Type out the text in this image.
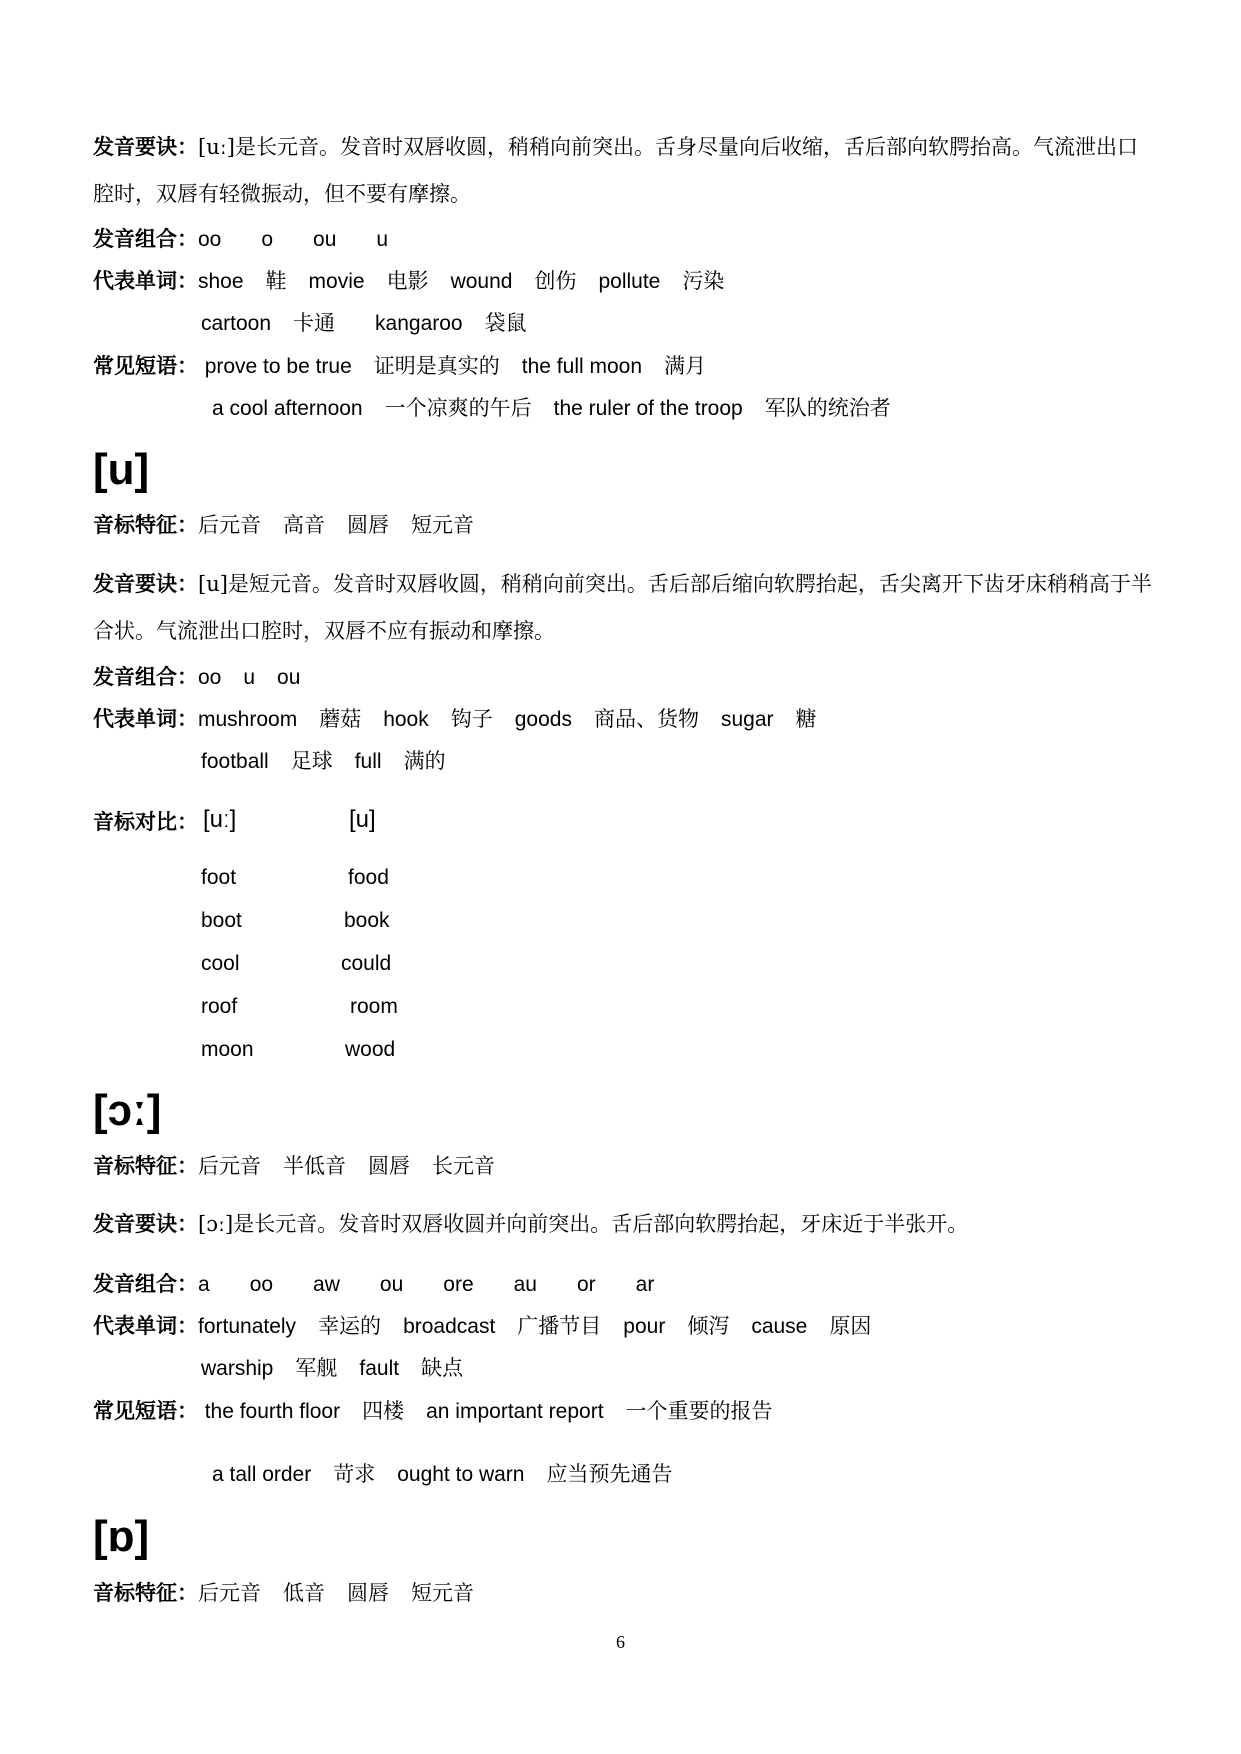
发音要诀：[uː]是长元音。发音时双唇收圆，稍稍向前突出。舌身尽量向后收缩，舌后部向软腭抬高。气流泄出口
腔时，双唇有轻微振动，但不要有摩擦。
发音组合：oo o ou u
代表单词：shoe 鞋 movie 电影 wound 创伤 pollute 污染
cartoon 卡通 kangaroo 袋鼠
常见短语： prove to be true 证明是真实的 the full moon 满月
a cool afternoon 一个凉爽的午后 the ruler of the troop 军队的统治者
[u]
音标特征：后元音 高音 圆唇 短元音
发音要诀：[u]是短元音。发音时双唇收圆，稍稍向前突出。舌后部后缩向软腭抬起，舌尖离开下齿牙床稍稍高于半
合状。气流泄出口腔时，双唇不应有振动和摩擦。
发音组合：oo u ou
代表单词：mushroom 蘑菇 hook 钩子 goods 商品、货物 sugar 糖
football 足球 full 满的
音标对比： [uː]	[u]
foot	food
boot	book
cool	could
roof	room
moon	wood
[ɔː]
音标特征：后元音 半低音 圆唇 长元音
发音要诀：[ɔː]是长元音。发音时双唇收圆并向前突出。舌后部向软腭抬起，牙床近于半张开。
发音组合：a oo aw ou ore au or ar
代表单词：fortunately 幸运的 broadcast 广播节目 pour 倾泻 cause 原因
warship 军舰 fault 缺点
常见短语： the fourth floor 四楼 an important report 一个重要的报告
a tall order 苛求 ought to warn 应当预先通告
[ɒ]
音标特征：后元音 低音 圆唇 短元音
6
